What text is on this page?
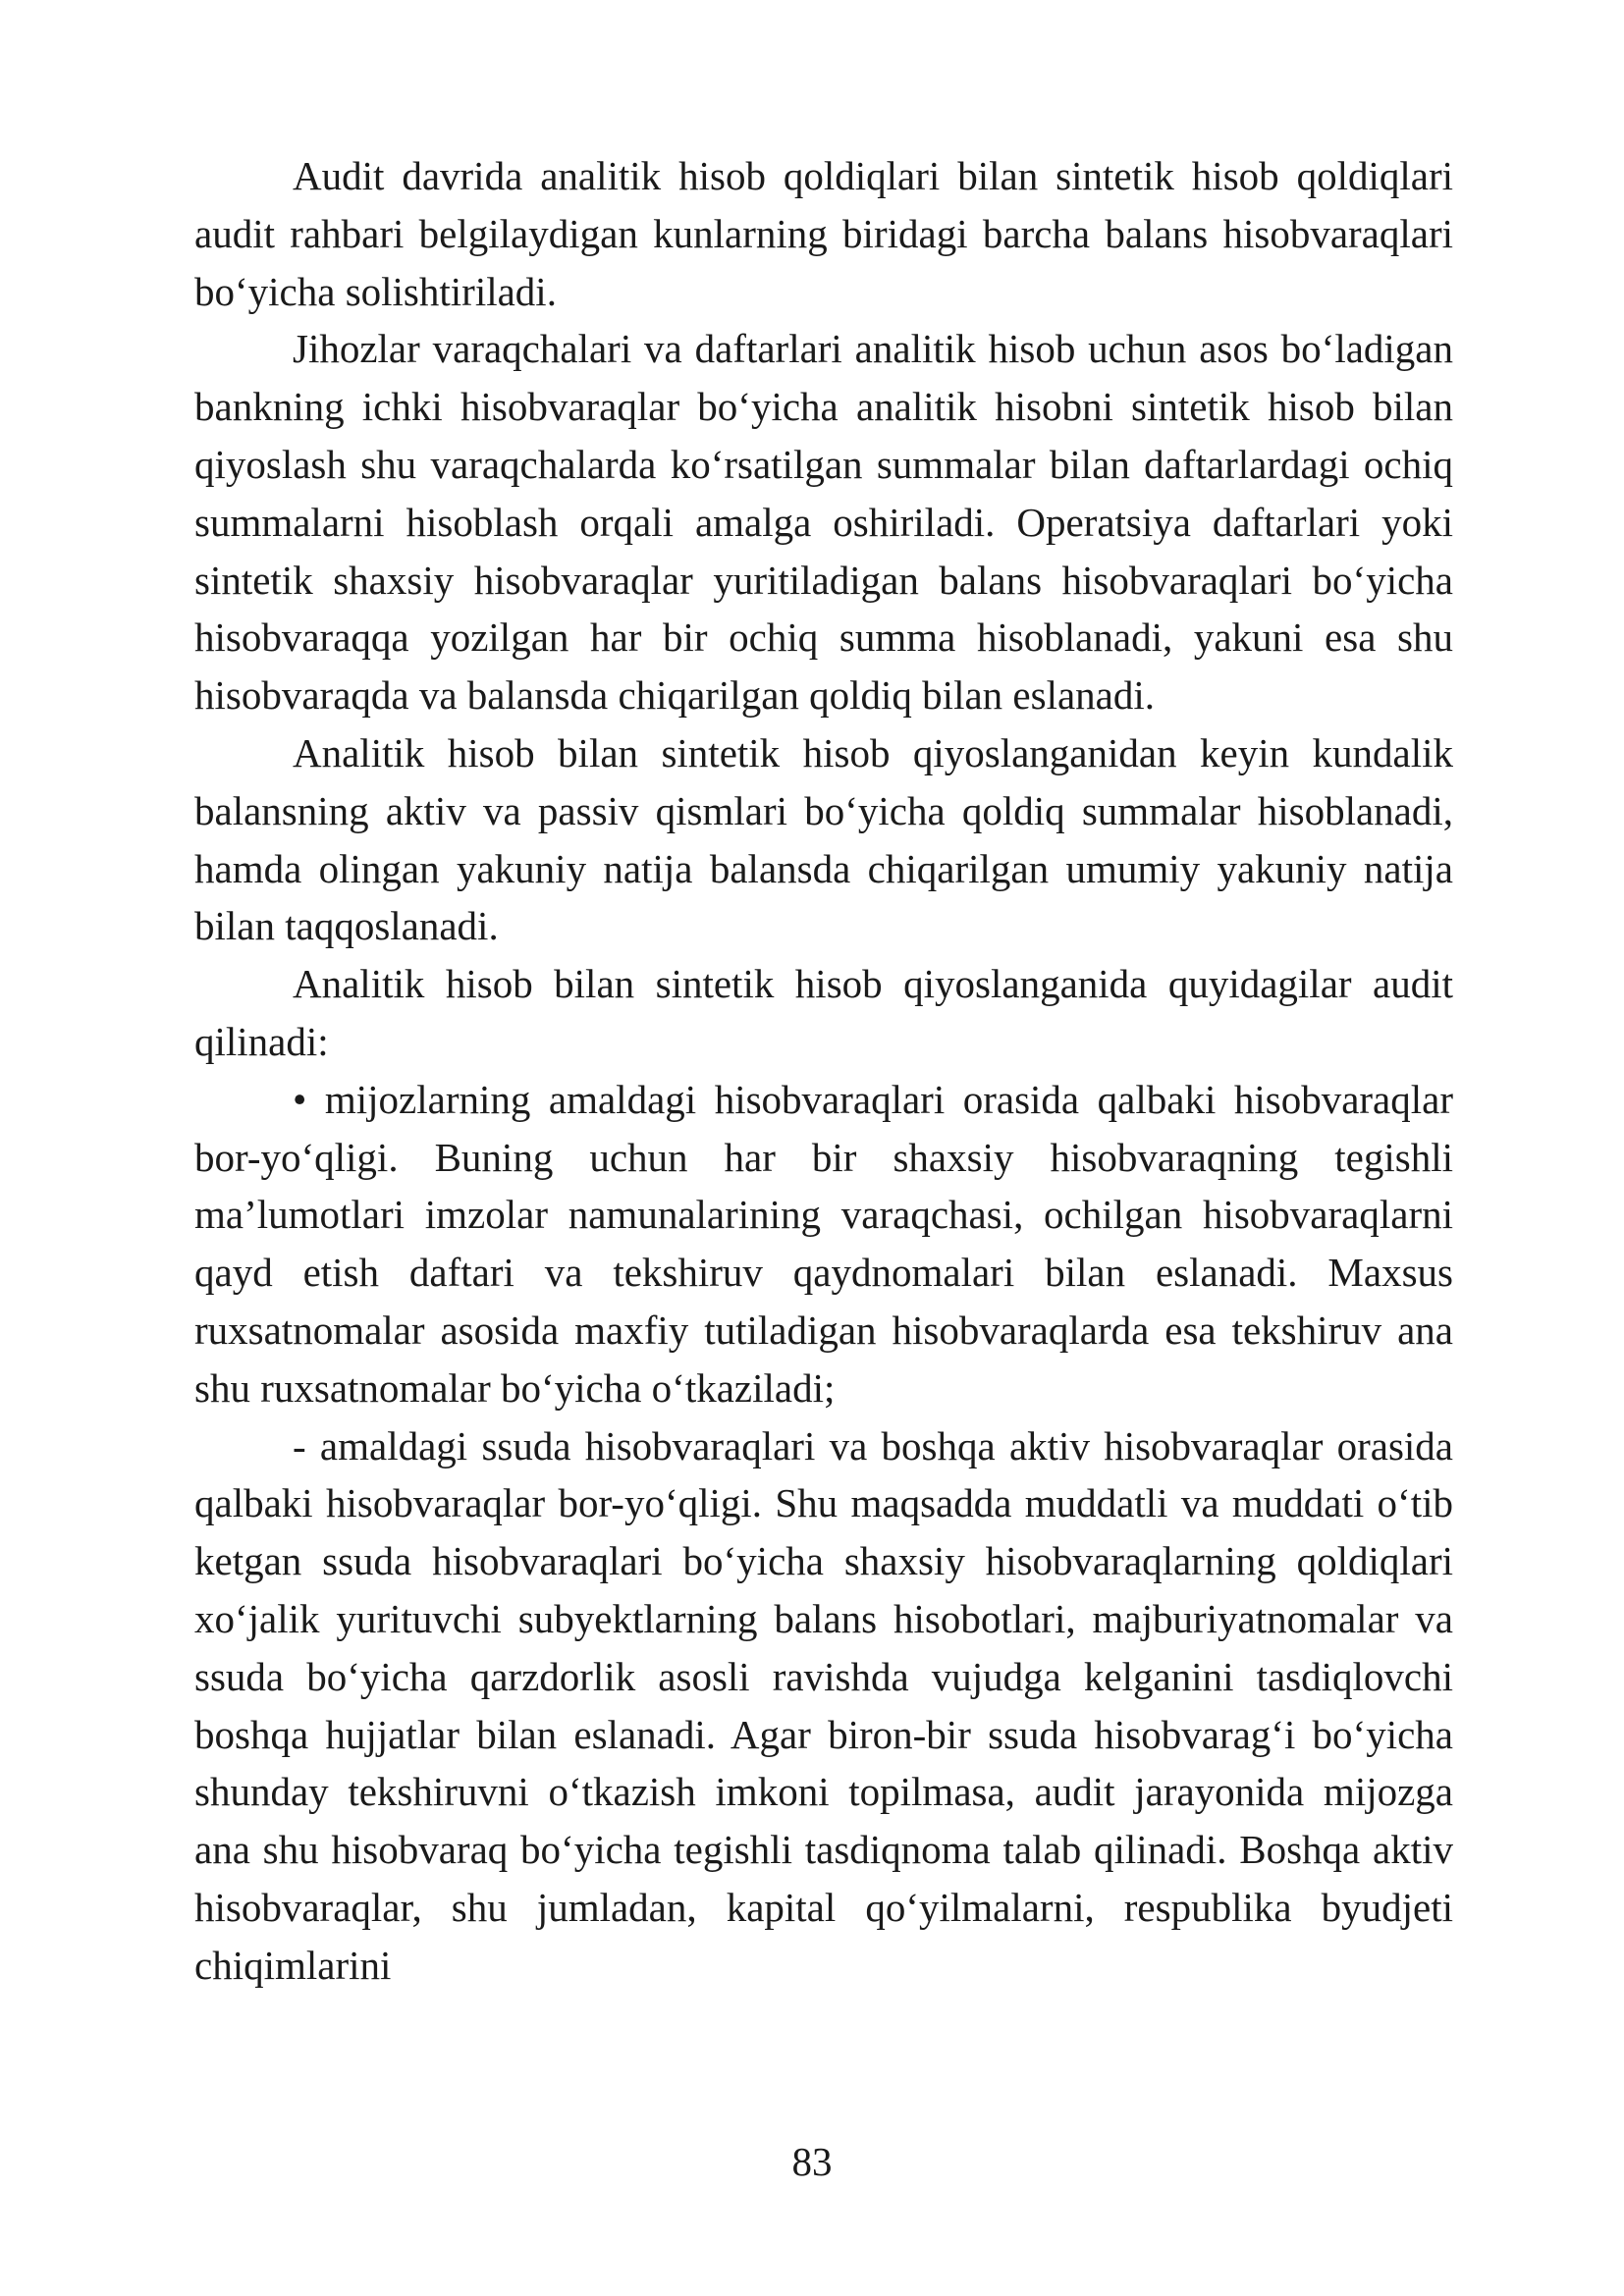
Audit davrida analitik hisob qoldiqlari bilan sintetik hisob qoldiqlari audit rahbari belgilaydigan kunlarning biridagi barcha balans hisobvaraqlari bo‘yicha solishtiriladi.

Jihozlar varaqchalari va daftarlari analitik hisob uchun asos bo‘ladigan bankning ichki hisobvaraqlar bo‘yicha analitik hisobni sintetik hisob bilan qiyoslash shu varaqchalarda ko‘rsatilgan summalar bilan daftarlardagi ochiq summalarni hisoblash orqali amalga oshiriladi. Operatsiya daftarlari yoki sintetik shaxsiy hisobvaraqlar yuritiladigan balans hisobvaraqlari bo‘yicha hisobvaraqqa yozilgan har bir ochiq summa hisoblanadi, yakuni esa shu hisobvaraqda va balansda chiqarilgan qoldiq bilan eslanadi.

Analitik hisob bilan sintetik hisob qiyoslanganidan keyin kundalik balansning aktiv va passiv qismlari bo‘yicha qoldiq summalar hisoblanadi, hamda olingan yakuniy natija balansda chiqarilgan umumiy yakuniy natija bilan taqqoslanadi.

Analitik hisob bilan sintetik hisob qiyoslanganida quyidagilar audit qilinadi:

• mijozlarning amaldagi hisobvaraqlari orasida qalbaki hisobvaraqlar bor-yo‘qligi. Buning uchun har bir shaxsiy hisobvaraqning tegishli ma’lumotlari imzolar namunalarining varaqchasi, ochilgan hisobvaraqlarni qayd etish daftari va tekshiruv qaydnomalari bilan eslanadi. Maxsus ruxsatnomalar asosida maxfiy tutiladigan hisobvaraqlarda esa tekshiruv ana shu ruxsatnomalar bo‘yicha o‘tkaziladi;

- amaldagi ssuda hisobvaraqlari va boshqa aktiv hisobvaraqlar orasida qalbaki hisobvaraqlar bor-yo‘qligi. Shu maqsadda muddatli va muddati o‘tib ketgan ssuda hisobvaraqlari bo‘yicha shaxsiy hisobvaraqlarning qoldiqlari xo‘jalik yurituvchi subyektlarning balans hisobotlari, majburiyatnomalar va ssuda bo‘yicha qarzdorlik asosli ravishda vujudga kelganini tasdiqlovchi boshqa hujjatlar bilan eslanadi. Agar biron-bir ssuda hisobvarag‘i bo‘yicha shunday tekshiruvni o‘tkazish imkoni topilmasa, audit jarayonida mijozga ana shu hisobvaraq bo‘yicha tegishli tasdiqnoma talab qilinadi. Boshqa aktiv hisobvaraqlar, shu jumladan, kapital qo‘yilmalarni, respublika byudjeti chiqimlarini

83
